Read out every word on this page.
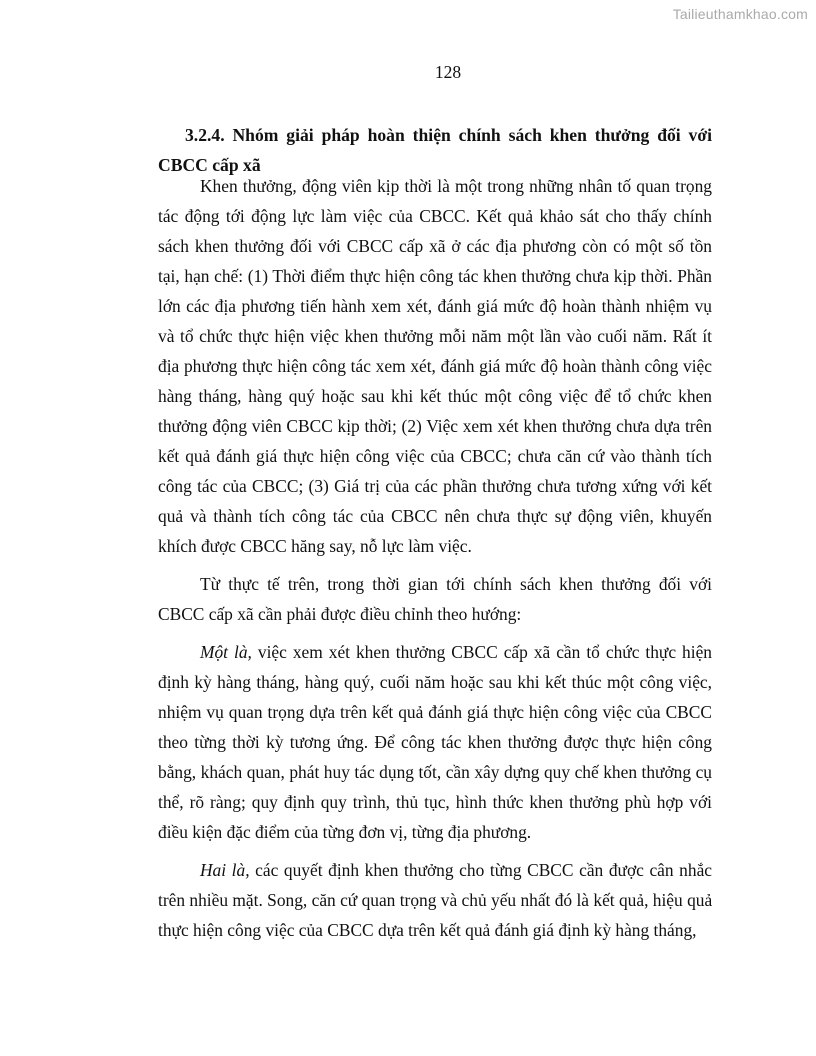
Tailieuthamkhao.com
128
3.2.4. Nhóm giải pháp hoàn thiện chính sách khen thưởng đối với
CBCC cấp xã
Khen thưởng, động viên kịp thời là một trong những nhân tố quan trọng
tác động tới động lực làm việc của CBCC. Kết quả khảo sát cho thấy chính
sách khen thưởng đối với CBCC cấp xã ở các địa phương còn có một số tồn
tại, hạn chế: (1) Thời điểm thực hiện công tác khen thưởng chưa kịp thời. Phần
lớn các địa phương tiến hành xem xét, đánh giá mức độ hoàn thành nhiệm vụ
và tổ chức thực hiện việc khen thưởng mỗi năm một lần vào cuối năm. Rất ít
địa phương thực hiện công tác xem xét, đánh giá mức độ hoàn thành công việc
hàng tháng, hàng quý hoặc sau khi kết thúc một công việc để tổ chức khen
thưởng động viên CBCC kịp thời; (2) Việc xem xét khen thưởng chưa dựa trên
kết quả đánh giá thực hiện công việc của CBCC; chưa căn cứ vào thành tích
công tác của CBCC; (3) Giá trị của các phần thưởng chưa tương xứng với kết
quả và thành tích công tác của CBCC nên chưa thực sự động viên, khuyến
khích được CBCC hăng say, nỗ lực làm việc.
Từ thực tế trên, trong thời gian tới chính sách khen thưởng đối với
CBCC cấp xã cần phải được điều chỉnh theo hướng:
Một là, việc xem xét khen thưởng CBCC cấp xã cần tổ chức thực hiện
định kỳ hàng tháng, hàng quý, cuối năm hoặc sau khi kết thúc một công việc,
nhiệm vụ quan trọng dựa trên kết quả đánh giá thực hiện công việc của CBCC
theo từng thời kỳ tương ứng. Để công tác khen thưởng được thực hiện công
bằng, khách quan, phát huy tác dụng tốt, cần xây dựng quy chế khen thưởng cụ
thể, rõ ràng; quy định quy trình, thủ tục, hình thức khen thưởng phù hợp với
điều kiện đặc điểm của từng đơn vị, từng địa phương.
Hai là, các quyết định khen thưởng cho từng CBCC cần được cân nhắc
trên nhiều mặt. Song, căn cứ quan trọng và chủ yếu nhất đó là kết quả, hiệu quả
thực hiện công việc của CBCC dựa trên kết quả đánh giá định kỳ hàng tháng,
